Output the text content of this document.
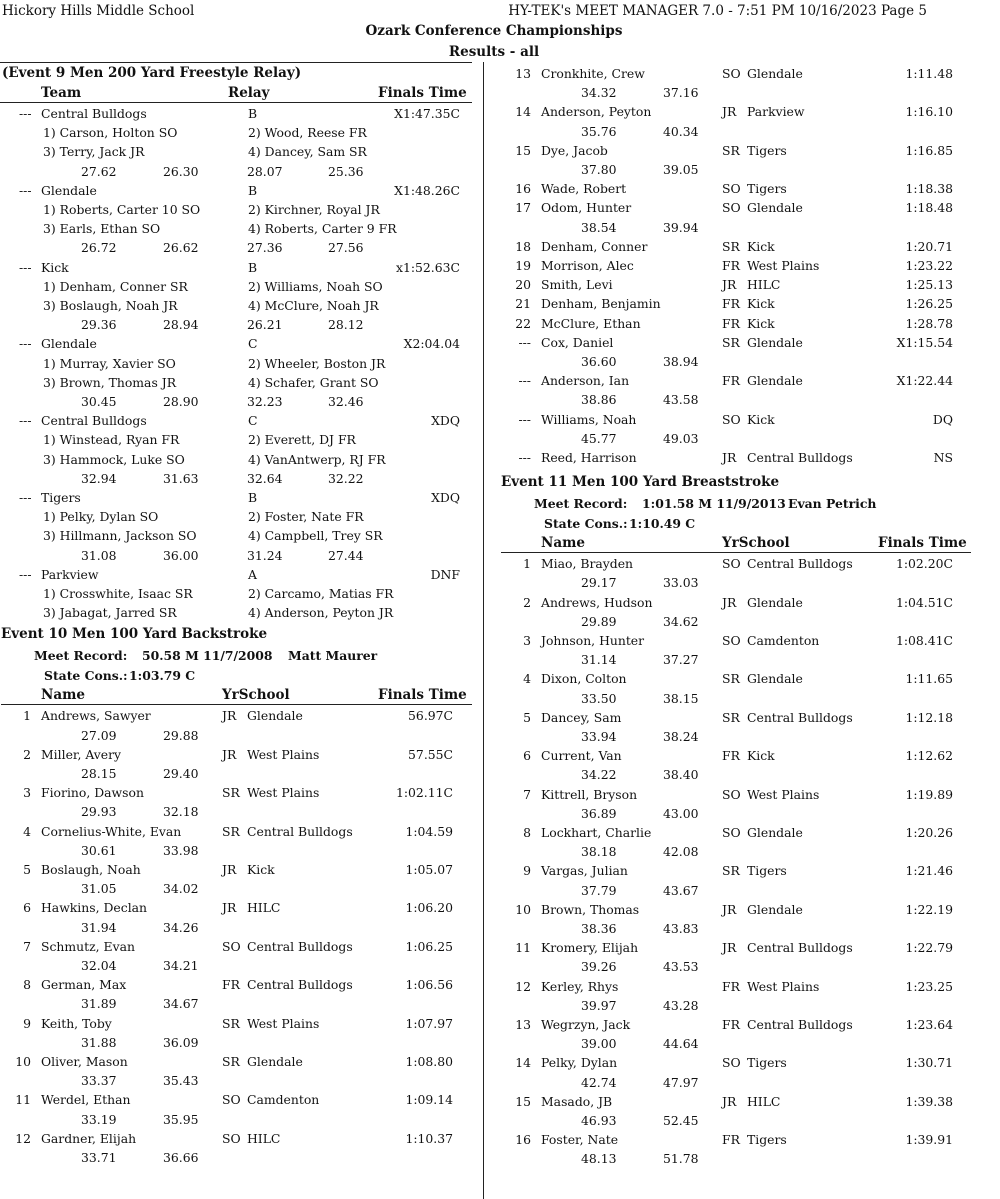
Hickory Hills Middle School	HY-TEK's MEET MANAGER 7.0 - 7:51 PM 10/16/2023 Page 5
Ozark Conference Championships
Results - all
(Event 9 Men 200 Yard Freestyle Relay)
Team	Relay	Finals Time
--- Central Bulldogs	B	X1:47.35C
1) Carson, Holton SO	2) Wood, Reese FR
3) Terry, Jack JR	4) Dancey, Sam SR
27.62	26.30	28.07	25.36
--- Glendale	B	X1:48.26C
1) Roberts, Carter 10 SO	2) Kirchner, Royal JR
3) Earls, Ethan SO	4) Roberts, Carter 9 FR
26.72	26.62	27.36	27.56
--- Kick	B	x1:52.63C
1) Denham, Conner SR	2) Williams, Noah SO
3) Boslaugh, Noah JR	4) McClure, Noah JR
29.36	28.94	26.21	28.12
--- Glendale	C	X2:04.04
1) Murray, Xavier SO	2) Wheeler, Boston JR
3) Brown, Thomas JR	4) Schafer, Grant SO
30.45	28.90	32.23	32.46
--- Central Bulldogs	C	XDQ
1) Winstead, Ryan FR	2) Everett, DJ FR
3) Hammock, Luke SO	4) VanAntwerp, RJ FR
32.94	31.63	32.64	32.22
--- Tigers	B	XDQ
1) Pelky, Dylan SO	2) Foster, Nate FR
3) Hillmann, Jackson SO	4) Campbell, Trey SR
31.08	36.00	31.24	27.44
--- Parkview	A	DNF
1) Crosswhite, Isaac SR	2) Carcamo, Matias FR
3) Jabagat, Jarred SR	4) Anderson, Peyton JR
Event 10 Men 100 Yard Backstroke
Meet Record: 50.58 M 11/7/2008 Matt Maurer
State Cons.: 1:03.79 C
Name	YrSchool	Finals Time
1 Andrews, Sawyer	JR Glendale	56.97C
27.09	29.88
2 Miller, Avery	JR West Plains	57.55C
28.15	29.40
3 Fiorino, Dawson	SR West Plains	1:02.11C
29.93	32.18
4 Cornelius-White, Evan	SR Central Bulldogs	1:04.59
30.61	33.98
5 Boslaugh, Noah	JR Kick	1:05.07
31.05	34.02
6 Hawkins, Declan	JR HILC	1:06.20
31.94	34.26
7 Schmutz, Evan	SO Central Bulldogs	1:06.25
32.04	34.21
8 German, Max	FR Central Bulldogs	1:06.56
31.89	34.67
9 Keith, Toby	SR West Plains	1:07.97
31.88	36.09
10 Oliver, Mason	SR Glendale	1:08.80
33.37	35.43
11 Werdel, Ethan	SO Camdenton	1:09.14
33.19	35.95
12 Gardner, Elijah	SO HILC	1:10.37
33.71	36.66
13 Cronkhite, Crew	SO Glendale	1:11.48
34.32	37.16
14 Anderson, Peyton	JR Parkview	1:16.10
35.76	40.34
15 Dye, Jacob	SR Tigers	1:16.85
37.80	39.05
16 Wade, Robert	SO Tigers	1:18.38
17 Odom, Hunter	SO Glendale	1:18.48
38.54	39.94
18 Denham, Conner	SR Kick	1:20.71
19 Morrison, Alec	FR West Plains	1:23.22
20 Smith, Levi	JR HILC	1:25.13
21 Denham, Benjamin	FR Kick	1:26.25
22 McClure, Ethan	FR Kick	1:28.78
--- Cox, Daniel	SR Glendale	X1:15.54
36.60	38.94
--- Anderson, Ian	FR Glendale	X1:22.44
38.86	43.58
--- Williams, Noah	SO Kick	DQ
45.77	49.03
--- Reed, Harrison	JR Central Bulldogs	NS
Event 11 Men 100 Yard Breaststroke
Meet Record: 1:01.58 M 11/9/2013 Evan Petrich
State Cons.: 1:10.49 C
Name	YrSchool	Finals Time
1 Miao, Brayden	SO Central Bulldogs	1:02.20C
29.17	33.03
2 Andrews, Hudson	JR Glendale	1:04.51C
29.89	34.62
3 Johnson, Hunter	SO Camdenton	1:08.41C
31.14	37.27
4 Dixon, Colton	SR Glendale	1:11.65
33.50	38.15
5 Dancey, Sam	SR Central Bulldogs	1:12.18
33.94	38.24
6 Current, Van	FR Kick	1:12.62
34.22	38.40
7 Kittrell, Bryson	SO West Plains	1:19.89
36.89	43.00
8 Lockhart, Charlie	SO Glendale	1:20.26
38.18	42.08
9 Vargas, Julian	SR Tigers	1:21.46
37.79	43.67
10 Brown, Thomas	JR Glendale	1:22.19
38.36	43.83
11 Kromery, Elijah	JR Central Bulldogs	1:22.79
39.26	43.53
12 Kerley, Rhys	FR West Plains	1:23.25
39.97	43.28
13 Wegrzyn, Jack	FR Central Bulldogs	1:23.64
39.00	44.64
14 Pelky, Dylan	SO Tigers	1:30.71
42.74	47.97
15 Masado, JB	JR HILC	1:39.38
46.93	52.45
16 Foster, Nate	FR Tigers	1:39.91
48.13	51.78
